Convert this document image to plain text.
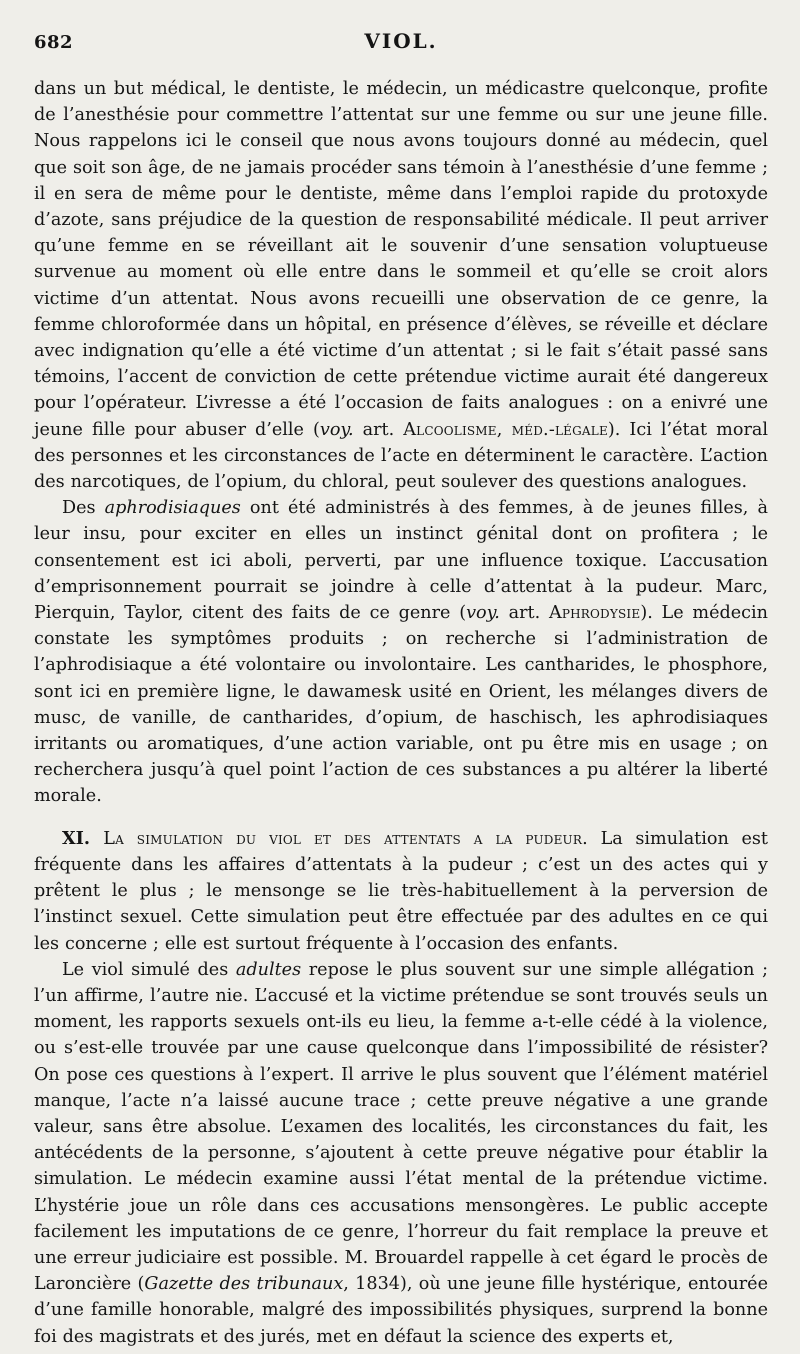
682	VIOL.

dans un but médical, le dentiste, le médecin, un médicastre quelconque, profite de l’anesthésie pour commettre l’attentat sur une femme ou sur une jeune fille. Nous rappelons ici le conseil que nous avons toujours donné au médecin, quel que soit son âge, de ne jamais procéder sans témoin à l’anesthésie d’une femme ; il en sera de même pour le dentiste, même dans l’emploi rapide du protoxyde d’azote, sans préjudice de la question de responsabilité médicale. Il peut arriver qu’une femme en se réveillant ait le souvenir d’une sensation voluptueuse survenue au moment où elle entre dans le sommeil et qu’elle se croit alors victime d’un attentat. Nous avons recueilli une observation de ce genre, la femme chloroformée dans un hôpital, en présence d’élèves, se réveille et déclare avec indignation qu’elle a été victime d’un attentat ; si le fait s’était passé sans témoins, l’accent de conviction de cette prétendue victime aurait été dangereux pour l’opérateur. L’ivresse a été l’occasion de faits analogues : on a enivré une jeune fille pour abuser d’elle (voy. art. Alcoolisme, méd.-légale). Ici l’état moral des personnes et les circonstances de l’acte en déterminent le caractère. L’action des narcotiques, de l’opium, du chloral, peut soulever des questions analogues.

Des aphrodisiaques ont été administrés à des femmes, à de jeunes filles, à leur insu, pour exciter en elles un instinct génital dont on profitera ; le consentement est ici aboli, perverti, par une influence toxique. L’accusation d’emprisonnement pourrait se joindre à celle d’attentat à la pudeur. Marc, Pierquin, Taylor, citent des faits de ce genre (voy. art. Aphrodysie). Le médecin constate les symptômes produits ; on recherche si l’administration de l’aphrodisiaque a été volontaire ou involontaire. Les cantharides, le phosphore, sont ici en première ligne, le dawamesk usité en Orient, les mélanges divers de musc, de vanille, de cantharides, d’opium, de haschisch, les aphrodisiaques irritants ou aromatiques, d’une action variable, ont pu être mis en usage ; on recherchera jusqu’à quel point l’action de ces substances a pu altérer la liberté morale.

XI. La simulation du viol et des attentats a la pudeur. La simulation est fréquente dans les affaires d’attentats à la pudeur ; c’est un des actes qui y prêtent le plus ; le mensonge se lie très-habituellement à la perversion de l’instinct sexuel. Cette simulation peut être effectuée par des adultes en ce qui les concerne ; elle est surtout fréquente à l’occasion des enfants.

Le viol simulé des adultes repose le plus souvent sur une simple allégation ; l’un affirme, l’autre nie. L’accusé et la victime prétendue se sont trouvés seuls un moment, les rapports sexuels ont-ils eu lieu, la femme a-t-elle cédé à la violence, ou s’est-elle trouvée par une cause quelconque dans l’impossibilité de résister? On pose ces questions à l’expert. Il arrive le plus souvent que l’élément matériel manque, l’acte n’a laissé aucune trace ; cette preuve négative a une grande valeur, sans être absolue. L’examen des localités, les circonstances du fait, les antécédents de la personne, s’ajoutent à cette preuve négative pour établir la simulation. Le médecin examine aussi l’état mental de la prétendue victime. L’hystérie joue un rôle dans ces accusations mensongères. Le public accepte facilement les imputations de ce genre, l’horreur du fait remplace la preuve et une erreur judiciaire est possible. M. Brouardel rappelle à cet égard le procès de Laroncière (Gazette des tribunaux, 1834), où une jeune fille hystérique, entourée d’une famille honorable, malgré des impossibilités physiques, surprend la bonne foi des magistrats et des jurés, met en défaut la science des experts et,
